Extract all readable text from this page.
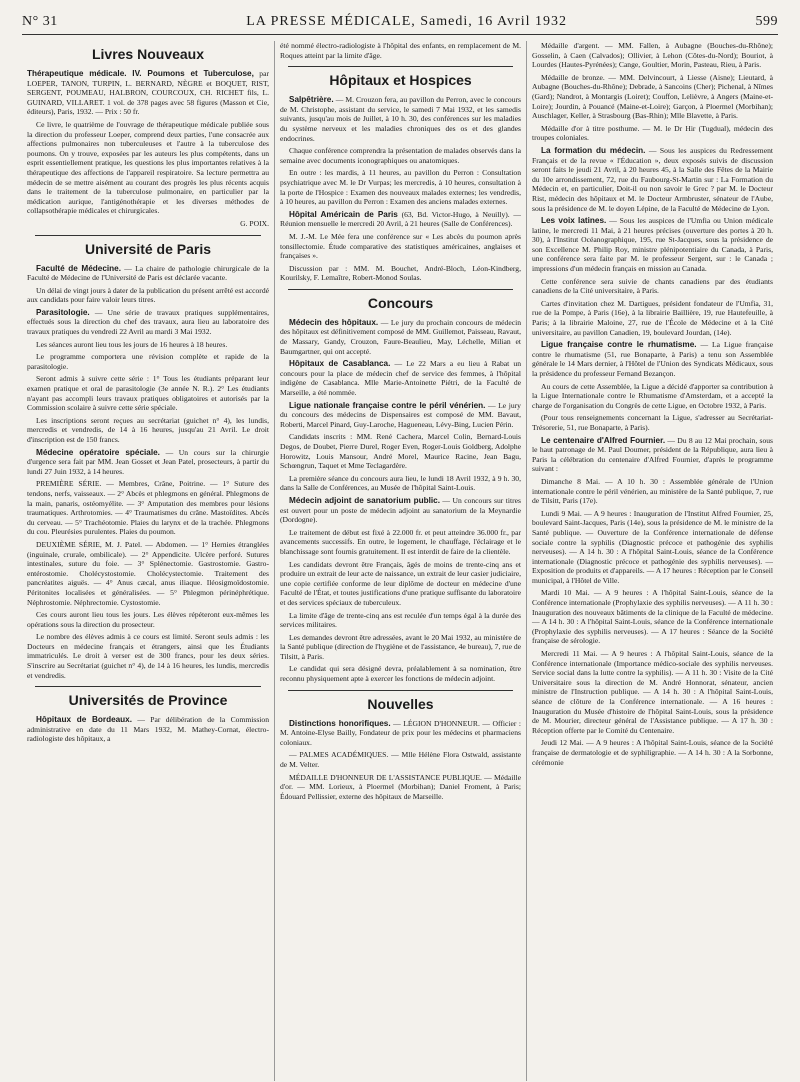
N° 31	LA PRESSE MÉDICALE, Samedi, 16 Avril 1932	599
Livres Nouveaux

Thérapeutique médicale. IV. Poumons et Tuberculose, par LOEPER, TANON, TURPIN, L. BERNARD, NÈGRE et BOQUET, RIST, SERGENT, POUMEAU, HALBRON, COURCOUX, CH. RICHET fils, L. GUINARD, VILLARET. 1 vol. de 378 pages avec 58 figures (Masson et Cie, éditeurs), Paris, 1932. — Prix : 50 fr.

Ce livre, le quatrième de l'ouvrage de thérapeutique médicale publiée sous la direction du professeur Loeper, comprend deux parties, l'une consacrée aux affections pulmonaires non tuberculeuses et l'autre à la tuberculose des poumons. On y trouve, exposées par les auteurs les plus compétents, dans un esprit essentiellement pratique, les questions les plus importantes relatives à la thérapeutique des affections de l'appareil respiratoire. Sa lecture permettra au médecin de se mettre aisément au courant des progrès les plus récents acquis dans le traitement de la tuberculose pulmonaire, en particulier par la médication aurique, l'antigénothérapie et les diverses méthodes de collapsothérapie médicales et chirurgicales.

G. POIX.

Université de Paris

Faculté de Médecine. — La chaire de pathologie chirurgicale de la Faculté de Médecine de l'Université de Paris est déclarée vacante.

Un délai de vingt jours à dater de la publication du présent arrêté est accordé aux candidats pour faire valoir leurs titres.

Parasitologie. — Une série de travaux pratiques supplémentaires, effectués sous la direction du chef des travaux, aura lieu au laboratoire des travaux pratiques du vendredi 22 Avril au mardi 3 Mai 1932.

Les séances auront lieu tous les jours de 16 heures à 18 heures.

Le programme comportera une révision complète et rapide de la parasitologie.

Seront admis à suivre cette série : 1° Tous les étudiants préparant leur examen pratique et oral de parasitologie (3e année N. R.). 2° Les étudiants n'ayant pas accompli leurs travaux pratiques obligatoires et autorisés par la Commission scolaire à suivre cette série spéciale.

Les inscriptions seront reçues au secrétariat (guichet n° 4), les lundis, mercredis et vendredis, de 14 à 16 heures, jusqu'au 21 Avril. Le droit d'inscription est de 150 francs.

Médecine opératoire spéciale. — Un cours sur la chirurgie d'urgence sera fait par MM. Jean Gosset et Jean Patel, prosecteurs, à partir du lundi 27 Juin 1932, à 14 heures.

PREMIÈRE SÉRIE. — Membres, Crâne, Poitrine. — 1° Suture des tendons, nerfs, vaisseaux. — 2° Abcès et phlegmons en général. Phlegmons de la main, panaris, ostéomyélite. — 3° Amputation des membres pour lésions traumatiques. Arthrotomies. — 4° Traumatismes du crâne. Mastoïdites. Abcès du cerveau. — 5° Trachéotomie. Plaies du larynx et de la trachée. Phlegmons du cou. Pleurésies purulentes. Plaies du poumon.

DEUXIÈME SÉRIE, M. J. Patel. — Abdomen. — 1° Hernies étranglées (inguinale, crurale, ombilicale). — 2° Appendicite. Ulcère perforé. Sutures intestinales, suture du foie. — 3° Splénectomie. Gastrostomie. Gastro-entérostomie. Cholécystostomie. Cholécystectomie. Traitement des pancréatites aiguës. — 4° Anus cæcal, anus iliaque. Iléosigmoïdostomie. Péritonites localisées et généralisées. — 5° Phlegmon périnéphrétique. Néphrostomie. Néphrectomie. Cystostomie.

Ces cours auront lieu tous les jours. Les élèves répéteront eux-mêmes les opérations sous la direction du prosecteur.

Le nombre des élèves admis à ce cours est limité. Seront seuls admis : les Docteurs en médecine français et étrangers, ainsi que les Étudiants immatriculés. Le droit à verser est de 300 francs, pour les deux séries. S'inscrire au Secrétariat (guichet n° 4), de 14 à 16 heures, les lundis, mercredis et vendredis.

Universités de Province

Hôpitaux de Bordeaux. — Par délibération de la Commission administrative en date du 11 Mars 1932, M. Mathey-Cornat, électro-radiologiste des hôpitaux, a

été nommé électro-radiologiste à l'hôpital des enfants, en remplacement de M. Roques atteint par la limite d'âge.

Hôpitaux et Hospices

Salpêtrière. — M. Crouzon fera, au pavillon du Perron, avec le concours de M. Christophe, assistant du service, le samedi 7 Mai 1932, et les samedis suivants, jusqu'au mois de Juillet, à 10 h. 30, des conférences sur les maladies du système nerveux et les maladies chroniques des os et des glandes endocrines.

Chaque conférence comprendra la présentation de malades observés dans la semaine avec documents iconographiques ou anatomiques.

En outre : les mardis, à 11 heures, au pavillon du Perron : Consultation psychiatrique avec M. le Dr Vurpas; les mercredis, à 10 heures, consultation à la porte de l'Hospice : Examen des nouveaux malades externes; les vendredis, à 10 heures, au pavillon du Perron : Examen des anciens malades externes.

Hôpital Américain de Paris (63, Bd. Victor-Hugo, à Neuilly). — Réunion mensuelle le mercredi 20 Avril, à 21 heures (Salle de Conférences).

M. J.-M. Le Mée fera une conférence sur « Les abcès du poumon après tonsillectomie. Étude comparative des statistiques américaines, anglaises et françaises ».

Discussion par : MM. M. Bouchet, André-Bloch, Léon-Kindberg, Kourilsky, F. Lemaître, Robert-Monod Soulas.

Concours

Médecin des hôpitaux. — Le jury du prochain concours de médecin des hôpitaux est définitivement composé de MM. Guillemot, Paisseau, Ravaut, de Massary, Gandy, Crouzon, Faure-Beaulieu, May, Léchelle, Milian et Baumgartner, qui ont accepté.

Hôpitaux de Casablanca. — Le 22 Mars a eu lieu à Rabat un concours pour la place de médecin chef de service des femmes, à l'hôpital indigène de Casablanca. Mlle Marie-Antoinette Piétri, de la Faculté de Marseille, a été nommée.

Ligue nationale française contre le péril vénérien. — Le jury du concours des médecins de Dispensaires est composé de MM. Bavaut, Roberti, Marcel Pinard, Guy-Laroche, Hagueneau, Lévy-Bing, Lucien Périn.

Candidats inscrits : MM. René Cachera, Marcel Colin, Bernard-Louis Degos, de Doubet, Pierre Durel, Roger Even, Roger-Louis Goldberg, Adolphe Horowitz, Louis Mansour, André Morel, Maurice Racine, Jean Bagu, Schœngrun, Taquet et Mme Teclagardère.

La première séance du concours aura lieu, le lundi 18 Avril 1932, à 9 h. 30, dans la Salle de Conférences, au Musée de l'hôpital Saint-Louis.

Médecin adjoint de sanatorium public. — Un concours sur titres est ouvert pour un poste de médecin adjoint au sanatorium de la Meynardie (Dordogne).

Le traitement de début est fixé à 22.000 fr. et peut atteindre 36.000 fr., par avancements successifs. En outre, le logement, le chauffage, l'éclairage et le blanchissage sont fournis gratuitement. Il est interdit de faire de la clientèle.

Les candidats devront être Français, âgés de moins de trente-cinq ans et produire un extrait de leur acte de naissance, un extrait de leur casier judiciaire, une copie certifiée conforme de leur diplôme de docteur en médecine d'une Faculté de l'État, et toutes justifications d'une pratique suffisante du laboratoire et des services spéciaux de tuberculeux.

La limite d'âge de trente-cinq ans est reculée d'un temps égal à la durée des services militaires.

Les demandes devront être adressées, avant le 20 Mai 1932, au ministère de la Santé publique (direction de l'hygiène et de l'assistance, 4e bureau), 7, rue de Tilsitt, à Paris.

Le candidat qui sera désigné devra, préalablement à sa nomination, être reconnu physiquement apte à exercer les fonctions de médecin adjoint.

Nouvelles

Distinctions honorifiques. — LÉGION D'HONNEUR. — Officier : M. Antoine-Elyse Bailly, Fondateur de prix pour les médecins et pharmaciens coloniaux.

— PALMES ACADÉMIQUES. — Mlle Hélène Flora Ostwald, assistante de M. Velter.

MÉDAILLE D'HONNEUR DE L'ASSISTANCE PUBLIQUE. — Médaille d'or. — MM. Lorieux, à Ploermel (Morbihan); Daniel Froment, à Paris; Édouard Pellissier, externe des hôpitaux de Marseille.

Médaille d'argent. — MM. Fallen, à Aubagne (Bouches-du-Rhône); Gosselin, à Caen (Calvados); Ollivier, à Lehon (Côtes-du-Nord); Bouriot, à Lourdes (Hautes-Pyrénées); Cange, Goultier, Morin, Pasteau, Rieu, à Paris.

Médaille de bronze. — MM. Delvincourt, à Liesse (Aisne); Lieutard, à Aubagne (Bouches-du-Rhône); Debrade, à Sancoins (Cher); Pichenal, à Nîmes (Gard); Nandrot, à Montargis (Loiret); Couffon, Lelièvre, à Angers (Maine-et-Loire); Jourdin, à Pouancé (Maine-et-Loire); Garçon, à Ploermel (Morbihan); Auschlager, Keller, à Strasbourg (Bas-Rhin); Mlle Blavette, à Paris.

Médaille d'or à titre posthume. — M. le Dr Hir (Tugdual), médecin des troupes coloniales.

La formation du médecin. — Sous les auspices du Redressement Français et de la revue « l'Éducation », deux exposés suivis de discussion seront faits le jeudi 21 Avril, à 20 heures 45, à la Salle des Fêtes de la Mairie du 10e arrondissement, 72, rue du Faubourg-St-Martin sur : La Formation du Médecin et, en particulier, Doit-il ou non savoir le Grec ? par M. le Docteur Rist, médecin des hôpitaux et M. le Docteur Armbruster, sénateur de l'Aube, sous la présidence de M. le doyen Lépine, de la Faculté de Médecine de Lyon.

Les voix latines. — Sous les auspices de l'Umfia ou Union médicale latine, le mercredi 11 Mai, à 21 heures précises (ouverture des portes à 20 h. 30), à l'Institut Océanographique, 195, rue St-Jacques, sous la présidence de son Excellence M. Philip Roy, ministre plénipotentiaire du Canada, à Paris, une conférence sera faite par M. le professeur Sergent, sur : le Canada ; impressions d'un médecin français en mission au Canada.

Cette conférence sera suivie de chants canadiens par des étudiants canadiens de la Cité universitaire, à Paris.

Cartes d'invitation chez M. Dartigues, président fondateur de l'Umfia, 31, rue de la Pompe, à Paris (16e), à la librairie Baillière, 19, rue Hautefeuille, à Paris; à la librairie Maloine, 27, rue de l'École de Médecine et à la Cité universitaire, au pavillon Canadien, 19, boulevard Jourdan, (14e).

Ligue française contre le rhumatisme. — La Ligue française contre le rhumatisme (51, rue Bonaparte, à Paris) a tenu son Assemblée générale le 14 Mars dernier, à l'Hôtel de l'Union des Syndicats Médicaux, sous la présidence du professeur Fernand Bezançon.

Au cours de cette Assemblée, la Ligue a décidé d'apporter sa contribution à la Ligue Internationale contre le Rhumatisme d'Amsterdam, et a accepté la charge de l'organisation du Congrès de cette Ligue, en Octobre 1932, à Paris.

(Pour tous renseignements concernant la Ligue, s'adresser au Secrétariat-Trésorerie, 51, rue Bonaparte, à Paris).

Le centenaire d'Alfred Fournier. — Du 8 au 12 Mai prochain, sous le haut patronage de M. Paul Doumer, président de la République, aura lieu à Paris la célébration du centenaire d'Alfred Fournier, d'après le programme suivant :

Dimanche 8 Mai. — A 10 h. 30 : Assemblée générale de l'Union internationale contre le péril vénérien, au ministère de la Santé publique, 7, rue de Tilsitt, Paris (17e).

Lundi 9 Mai. — A 9 heures : Inauguration de l'Institut Alfred Fournier, 25, boulevard Saint-Jacques, Paris (14e), sous la présidence de M. le ministre de la Santé publique. — Ouverture de la Conférence internationale de défense sociale contre la syphilis (Diagnostic précoce et pathogénie des syphilis nerveuses). — A 14 h. 30 : A l'hôpital Saint-Louis, séance de la Conférence internationale (Diagnostic précoce et pathogénie des syphilis nerveuses). — Exposition de produits et d'appareils. — A 17 heures : Réception par le Conseil municipal, à l'Hôtel de Ville.

Mardi 10 Mai. — A 9 heures : A l'hôpital Saint-Louis, séance de la Conférence internationale (Prophylaxie des syphilis nerveuses). — A 11 h. 30 : Inauguration des nouveaux bâtiments de la clinique de la Faculté de médecine. — A 14 h. 30 : A l'hôpital Saint-Louis, séance de la Conférence internationale (Prophylaxie des syphilis nerveuses). — A 17 heures : Séance de la Société française de sérologie.

Mercredi 11 Mai. — A 9 heures : A l'hôpital Saint-Louis, séance de la Conférence internationale (Importance médico-sociale des syphilis nerveuses. Service social dans la lutte contre la syphilis). — A 11 h. 30 : Visite de la Cité Universitaire sous la direction de M. André Honnorat, sénateur, ancien ministre de l'Instruction publique. — A 14 h. 30 : A l'hôpital Saint-Louis, séance de clôture de la Conférence internationale. — A 16 heures : Inauguration du Musée d'histoire de l'hôpital Saint-Louis, sous la présidence de M. Mourier, directeur général de l'Assistance publique. — A 17 h. 30 : Réception offerte par le Comité du Centenaire.

Jeudi 12 Mai. — A 9 heures : A l'hôpital Saint-Louis, séance de la Société française de dermatologie et de syphiligraphie. — A 14 h. 30 : A la Sorbonne, cérémonie
